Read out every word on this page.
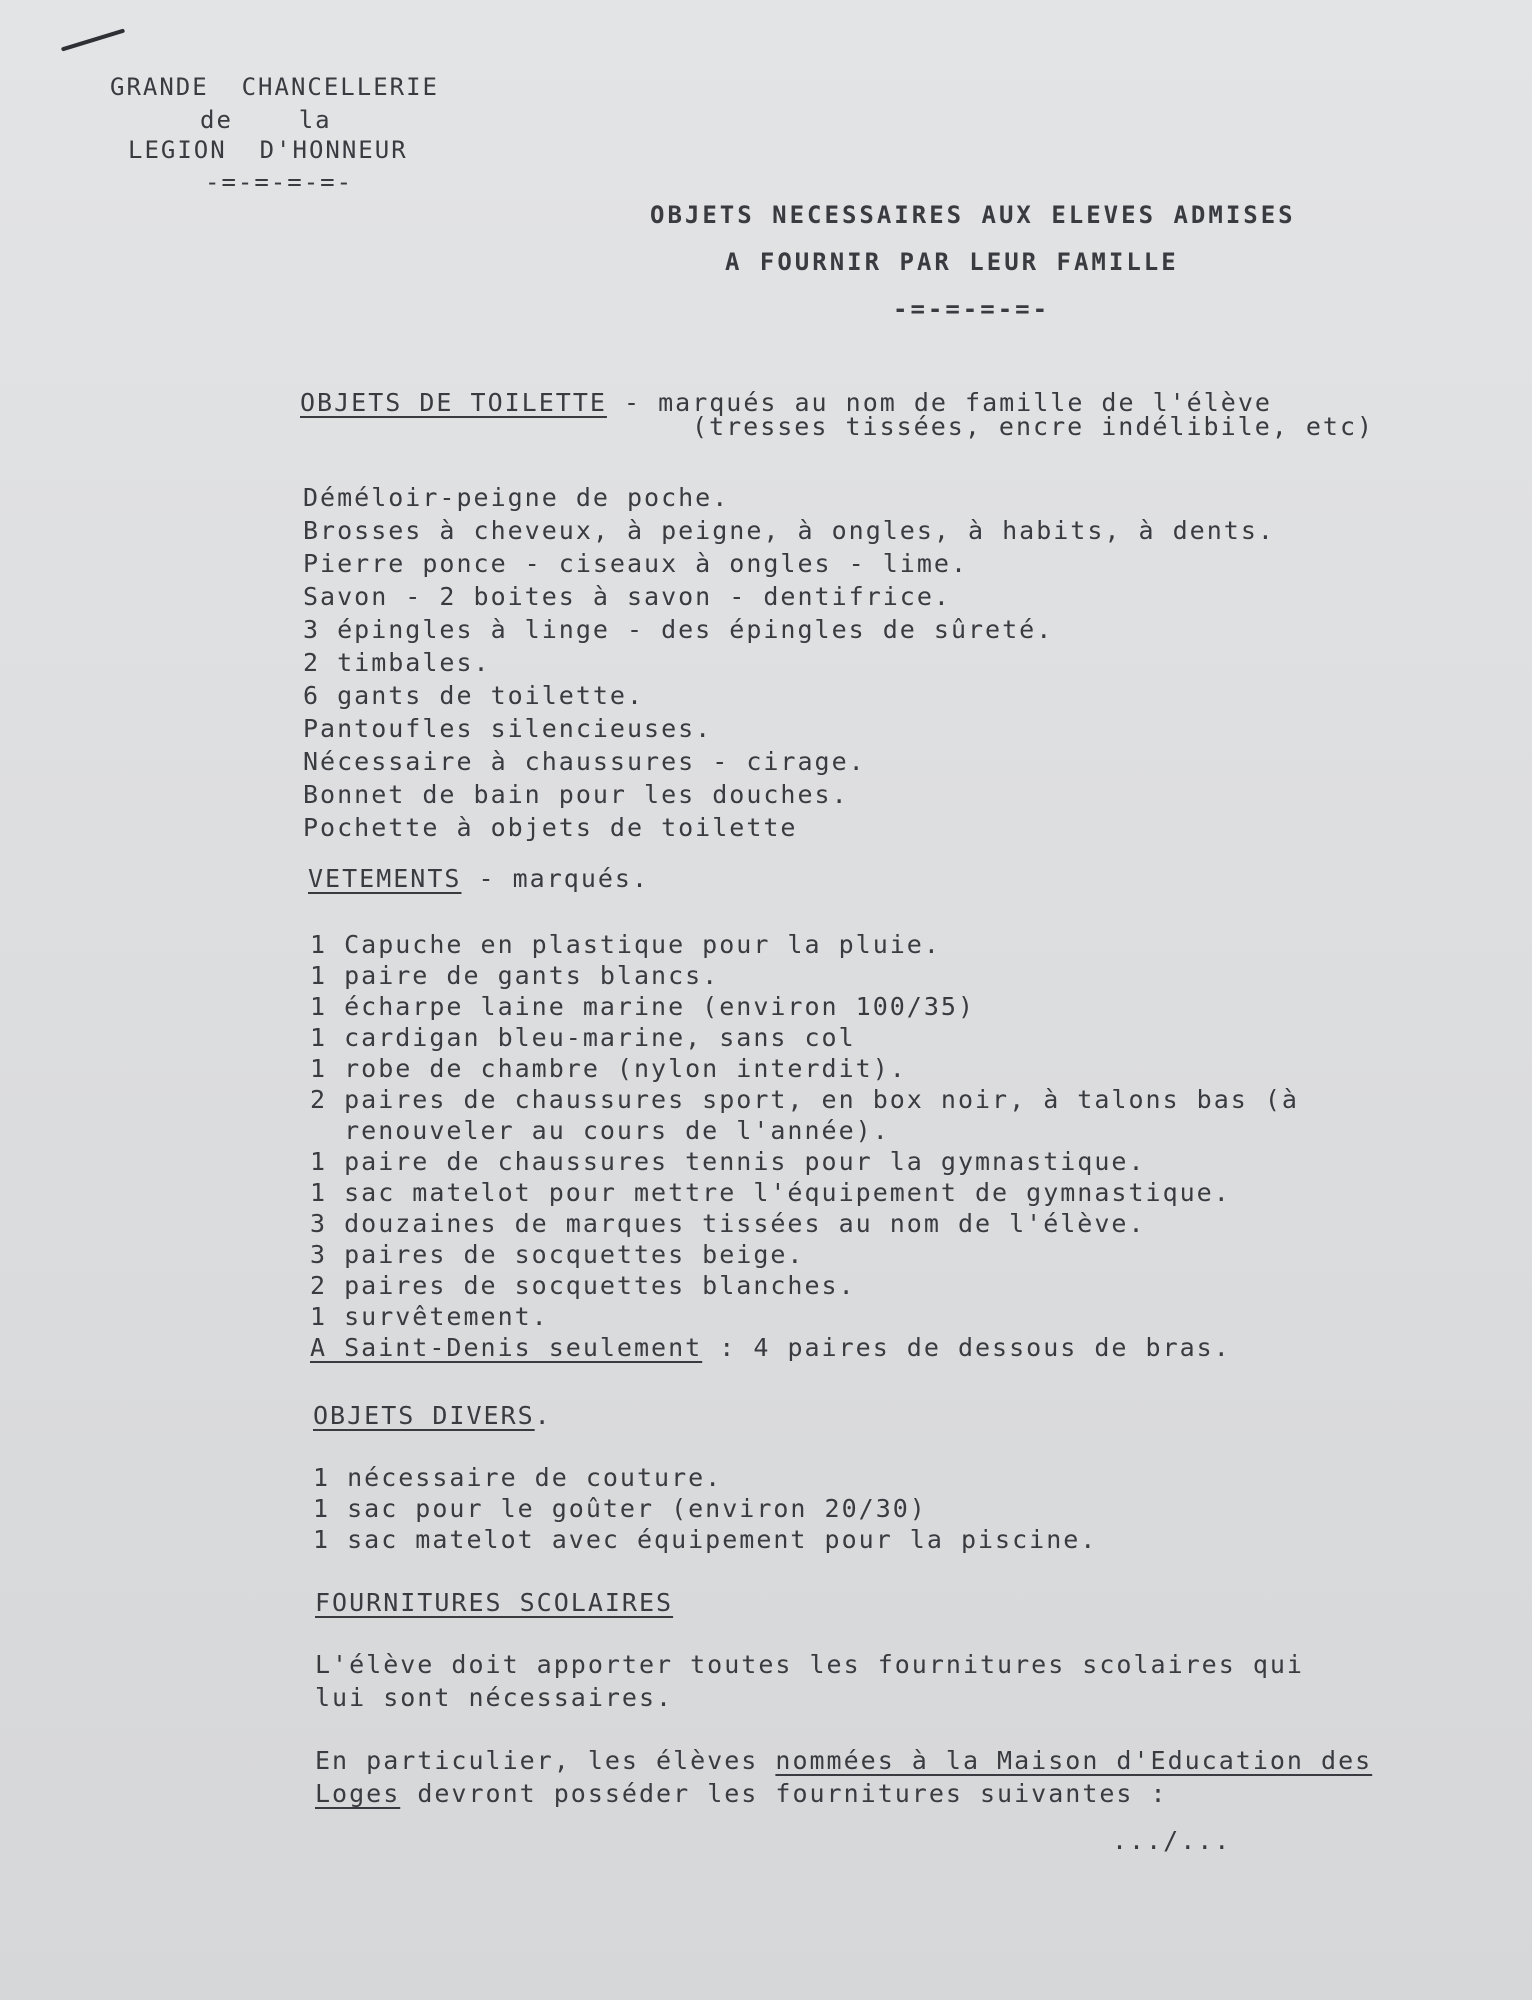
GRANDE  CHANCELLERIE
de    la
LEGION  D'HONNEUR
-=-=-=-=-
OBJETS NECESSAIRES AUX ELEVES ADMISES
A FOURNIR PAR LEUR FAMILLE
-=-=-=-=-
OBJETS DE TOILETTE - marqués au nom de famille de l'élève
(tresses tissées, encre indélibile, etc)
Déméloir-peigne de poche.
Brosses à cheveux, à peigne, à ongles, à habits, à dents.
Pierre ponce - ciseaux à ongles - lime.
Savon - 2 boites à savon - dentifrice.
3 épingles à linge - des épingles de sûreté.
2 timbales.
6 gants de toilette.
Pantoufles silencieuses.
Nécessaire à chaussures - cirage.
Bonnet de bain pour les douches.
Pochette à objets de toilette
VETEMENTS - marqués.
1 Capuche en plastique pour la pluie.
1 paire de gants blancs.
1 écharpe laine marine (environ 100/35)
1 cardigan bleu-marine, sans col
1 robe de chambre (nylon interdit).
2 paires de chaussures sport, en box noir, à talons bas (à
renouveler au cours de l'année).
1 paire de chaussures tennis pour la gymnastique.
1 sac matelot pour mettre l'équipement de gymnastique.
3 douzaines de marques tissées au nom de l'élève.
3 paires de socquettes beige.
2 paires de socquettes blanches.
1 survêtement.
A Saint-Denis seulement : 4 paires de dessous de bras.
OBJETS DIVERS.
1 nécessaire de couture.
1 sac pour le goûter (environ 20/30)
1 sac matelot avec équipement pour la piscine.
FOURNITURES SCOLAIRES
L'élève doit apporter toutes les fournitures scolaires qui
lui sont nécessaires.
En particulier, les élèves nommées à la Maison d'Education des
Loges devront posséder les fournitures suivantes :
.../...
